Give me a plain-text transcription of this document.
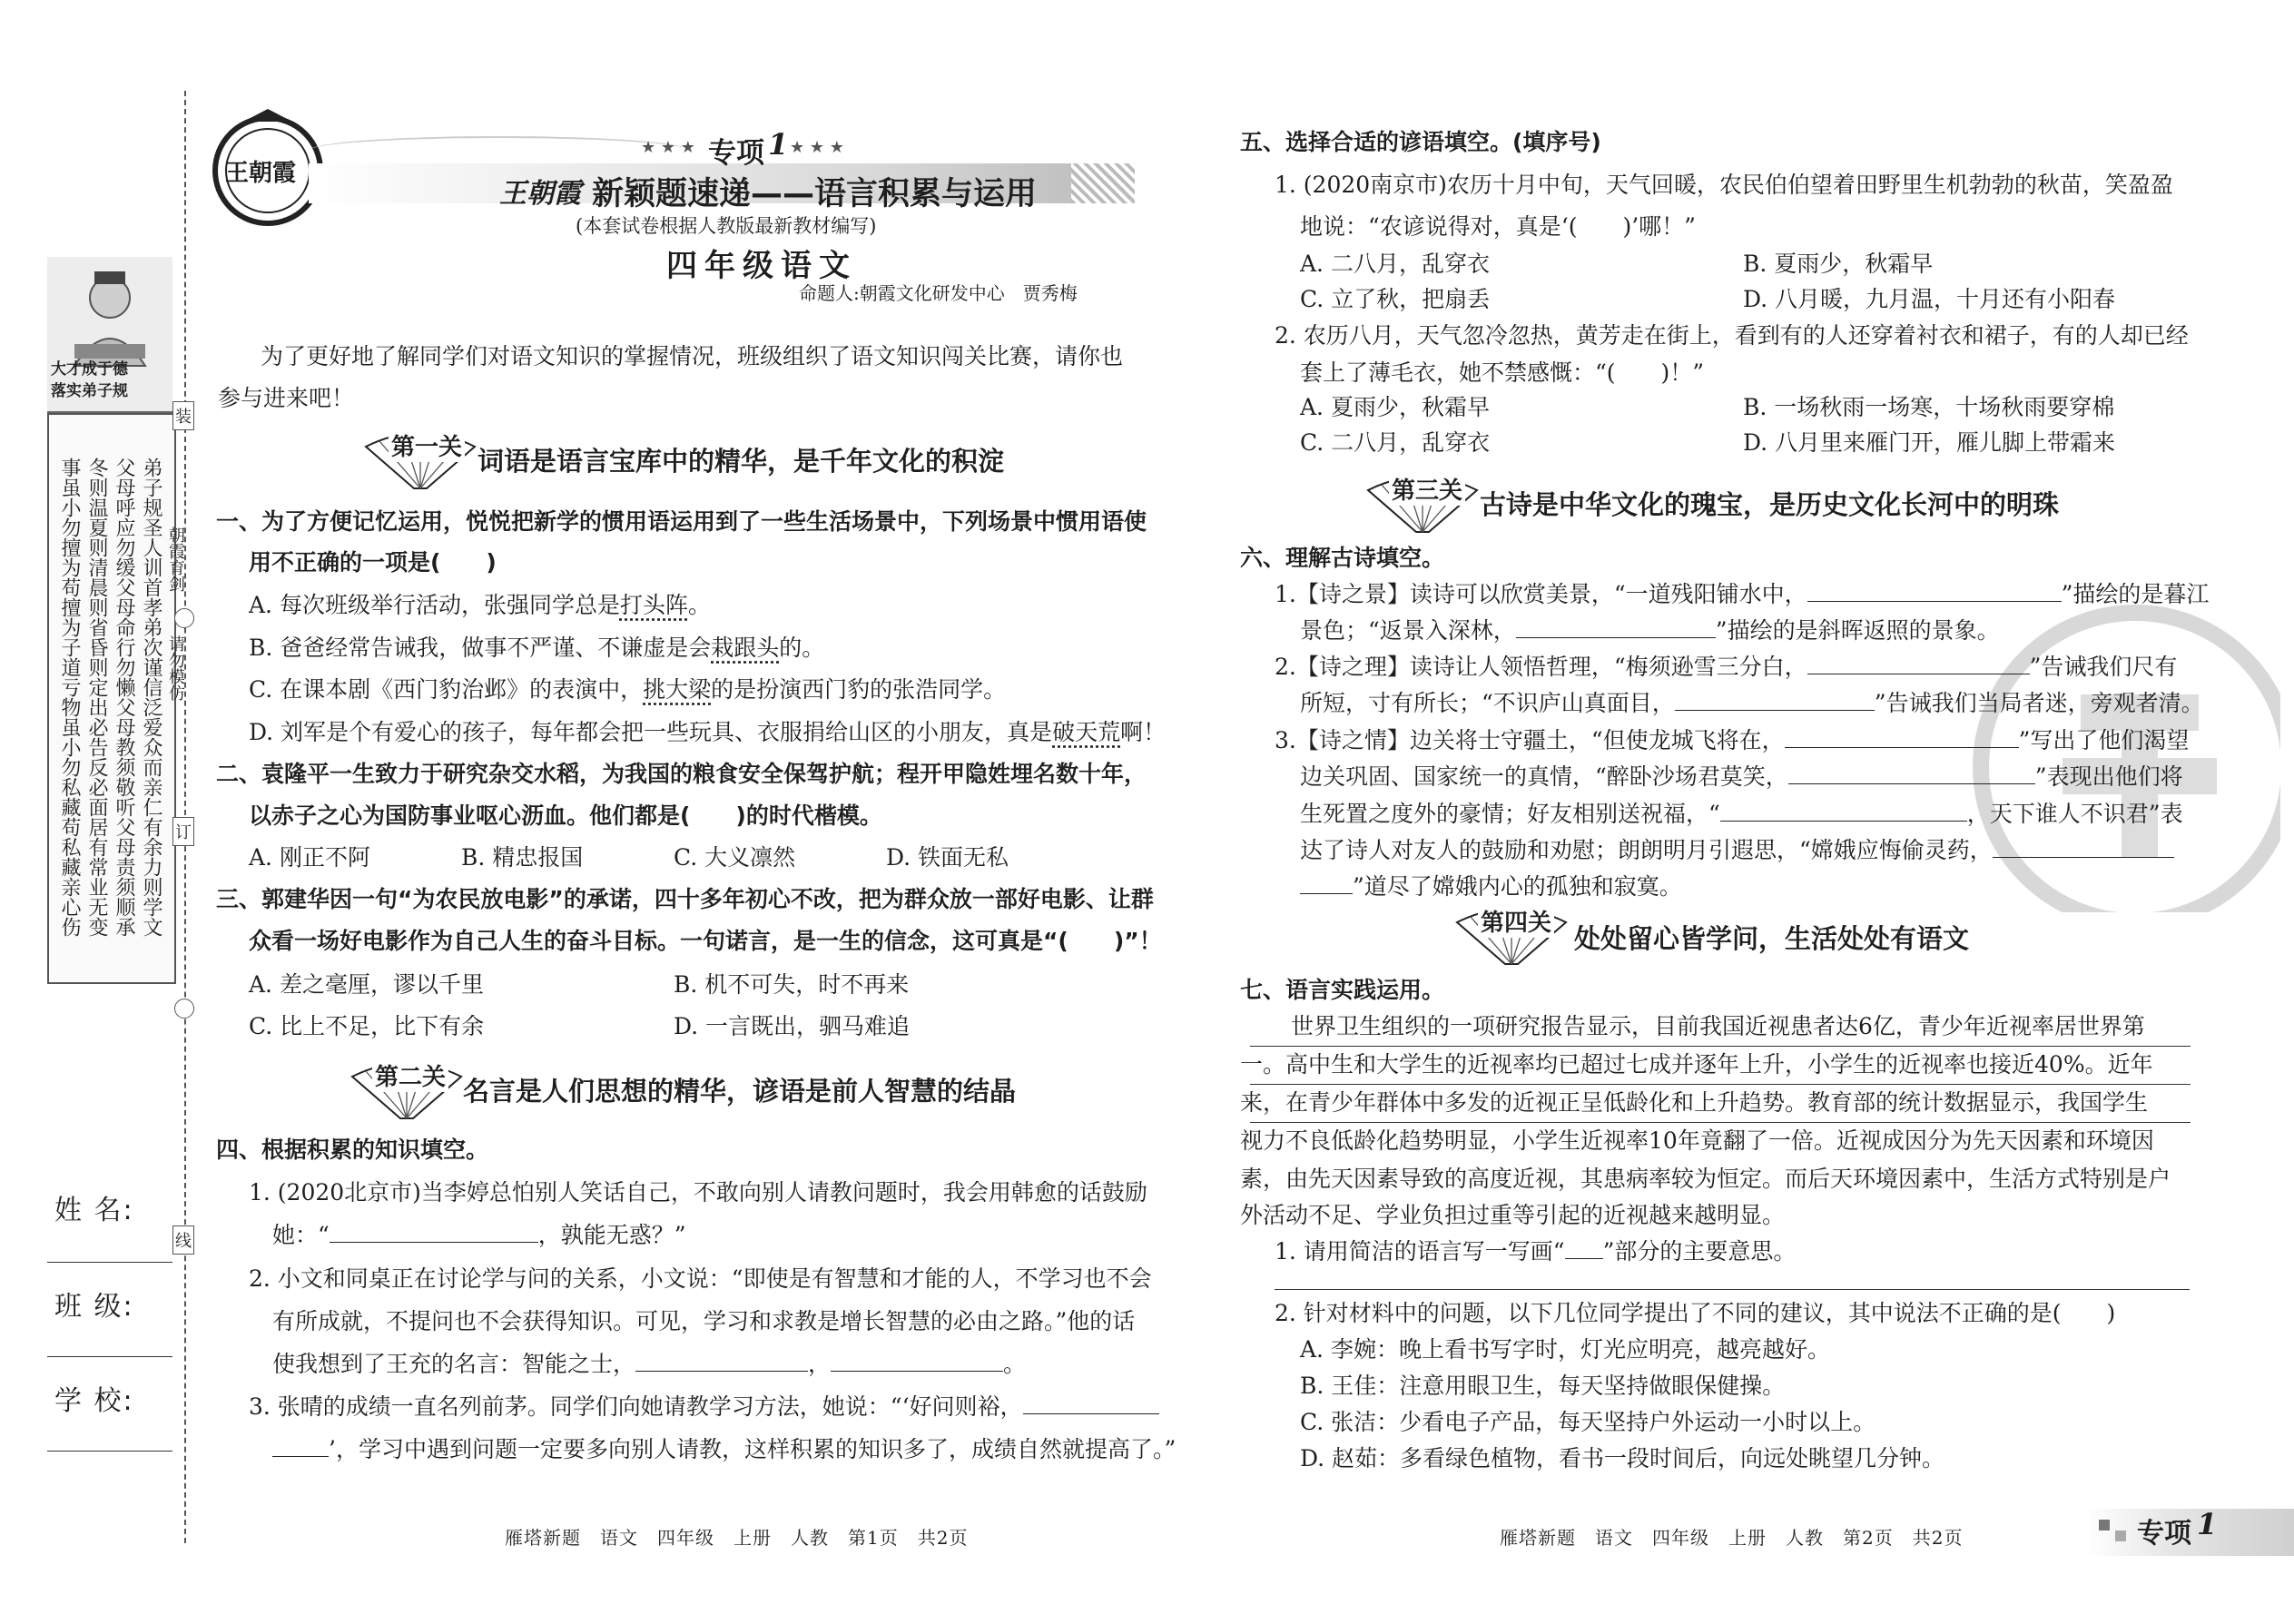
大才成于德
落实弟子规
弟子规圣人训首孝弟次谨信泛爱众而亲仁有余力则学文
父母呼应勿缓父母命行勿懒父母教须敬听父母责须顺承
冬则温夏则清晨则省昏则定出必告反必面居有常业无变
事虽小勿擅为苟擅为子道亏物虽小勿私藏苟私藏亲心伤	朝霞育剑
请勿模仿
装
订
线
姓 名:
班 级:
学 校:
王朝霞
★ ★ ★ 专项 1 ★ ★ ★
王朝霞 新颖题速递——语言积累与运用
(本套试卷根据人教版最新教材编写)
四年级语文
命题人:朝霞文化研发中心　贾秀梅
为了更好地了解同学们对语文知识的掌握情况，班级组织了语文知识闯关比赛，请你也
参与进来吧！
第一关 词语是语言宝库中的精华，是千年文化的积淀
一、为了方便记忆运用，悦悦把新学的惯用语运用到了一些生活场景中，下列场景中惯用语使
用不正确的一项是(　　)
A. 每次班级举行活动，张强同学总是打头阵。
B. 爸爸经常告诫我，做事不严谨、不谦虚是会栽跟头的。
C. 在课本剧《西门豹治邺》的表演中，挑大梁的是扮演西门豹的张浩同学。
D. 刘军是个有爱心的孩子，每年都会把一些玩具、衣服捐给山区的小朋友，真是破天荒啊！
二、袁隆平一生致力于研究杂交水稻，为我国的粮食安全保驾护航；程开甲隐姓埋名数十年，
以赤子之心为国防事业呕心沥血。他们都是(　　)的时代楷模。
A. 刚正不阿	B. 精忠报国	C. 大义凛然	D. 铁面无私
三、郭建华因一句“为农民放电影”的承诺，四十多年初心不改，把为群众放一部好电影、让群
众看一场好电影作为自己人生的奋斗目标。一句诺言，是一生的信念，这可真是“(　　)”！
A. 差之毫厘，谬以千里	B. 机不可失，时不再来
C. 比上不足，比下有余	D. 一言既出，驷马难追
第二关 名言是人们思想的精华，谚语是前人智慧的结晶
四、根据积累的知识填空。
1. (2020北京市)当李婷总怕别人笑话自己，不敢向别人请教问题时，我会用韩愈的话鼓励
她：“	，孰能无惑？”
2. 小文和同桌正在讨论学与问的关系，小文说：“即使是有智慧和才能的人，不学习也不会
有所成就，不提问也不会获得知识。可见，学习和求教是增长智慧的必由之路。”他的话
使我想到了王充的名言：智能之士，	，	。
3. 张晴的成绩一直名列前茅。同学们向她请教学习方法，她说：“‘好问则裕，
’，学习中遇到问题一定要多向别人请教，这样积累的知识多了，成绩自然就提高了。”
雁塔新题　语文　四年级　上册　人教　第1页　共2页
五、选择合适的谚语填空。(填序号)
1. (2020南京市)农历十月中旬，天气回暖，农民伯伯望着田野里生机勃勃的秋苗，笑盈盈
地说：“农谚说得对，真是‘(　　)’哪！”
A. 二八月，乱穿衣	B. 夏雨少，秋霜早
C. 立了秋，把扇丢	D. 八月暖，九月温，十月还有小阳春
2. 农历八月，天气忽冷忽热，黄芳走在街上，看到有的人还穿着衬衣和裙子，有的人却已经
套上了薄毛衣，她不禁感慨：“(　　)！”
A. 夏雨少，秋霜早	B. 一场秋雨一场寒，十场秋雨要穿棉
C. 二八月，乱穿衣	D. 八月里来雁门开，雁儿脚上带霜来
第三关 古诗是中华文化的瑰宝，是历史文化长河中的明珠
六、理解古诗填空。
1.【诗之景】读诗可以欣赏美景，“一道残阳铺水中，	”描绘的是暮江
景色；“返景入深林，	”描绘的是斜晖返照的景象。
2.【诗之理】读诗让人领悟哲理，“梅须逊雪三分白，	”告诫我们尺有
所短，寸有所长；“不识庐山真面目，	”告诫我们当局者迷，旁观者清。
3.【诗之情】边关将士守疆土，“但使龙城飞将在，	”写出了他们渴望
边关巩固、国家统一的真情，“醉卧沙场君莫笑，	”表现出他们将
生死置之度外的豪情；好友相别送祝福，“	，天下谁人不识君”表
达了诗人对友人的鼓励和劝慰；朗朗明月引遐思，“嫦娥应悔偷灵药，
”道尽了嫦娥内心的孤独和寂寞。
第四关 处处留心皆学问，生活处处有语文
七、语言实践运用。
世界卫生组织的一项研究报告显示，目前我国近视患者达6亿，青少年近视率居世界第
一。高中生和大学生的近视率均已超过七成并逐年上升，小学生的近视率也接近40%。近年
来，在青少年群体中多发的近视正呈低龄化和上升趋势。教育部的统计数据显示，我国学生
视力不良低龄化趋势明显，小学生近视率10年竟翻了一倍。近视成因分为先天因素和环境因
素，由先天因素导致的高度近视，其患病率较为恒定。而后天环境因素中，生活方式特别是户
外活动不足、学业负担过重等引起的近视越来越明显。
1. 请用简洁的语言写一写画“ ”部分的主要意思。
2. 针对材料中的问题，以下几位同学提出了不同的建议，其中说法不正确的是(　　)
A. 李婉：晚上看书写字时，灯光应明亮，越亮越好。
B. 王佳：注意用眼卫生，每天坚持做眼保健操。
C. 张洁：少看电子产品，每天坚持户外运动一小时以上。
D. 赵茹：多看绿色植物，看书一段时间后，向远处眺望几分钟。
雁塔新题　语文　四年级　上册　人教　第2页　共2页	专项 1
